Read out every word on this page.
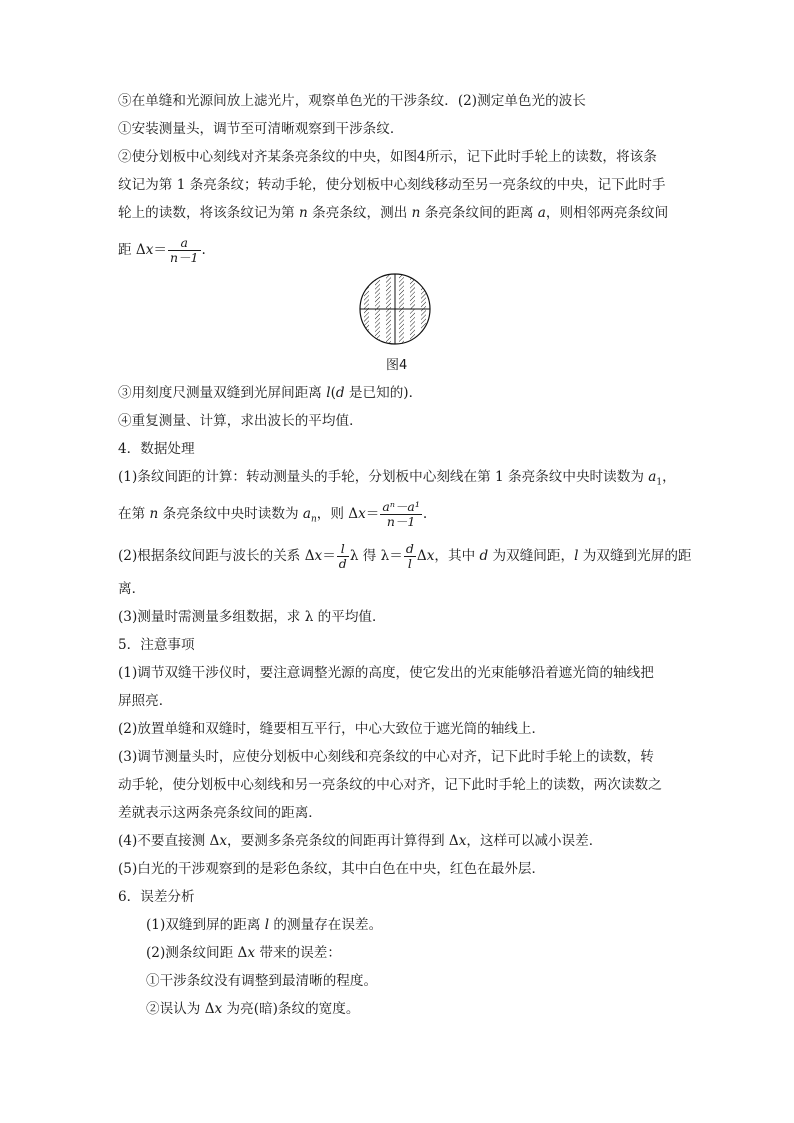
⑤在单缝和光源间放上滤光片，观察单色光的干涉条纹．(2)测定单色光的波长
①安装测量头，调节至可清晰观察到干涉条纹．
②使分划板中心刻线对齐某条亮条纹的中央，如图4所示，记下此时手轮上的读数，将该条
纹记为第 1 条亮条纹；转动手轮，使分划板中心刻线移动至另一亮条纹的中央，记下此时手
轮上的读数，将该条纹记为第 n 条亮条纹，测出 n 条亮条纹间的距离 a，则相邻两亮条纹间
距 $\Delta x= \frac{a}{n-1}$ .
图4
③用刻度尺测量双缝到光屏间距离 l(d 是已知的)．
④重复测量、计算，求出波长的平均值．
4．数据处理
(1)条纹间距的计算：转动测量头的手轮，分划板中心刻线在第 1 条亮条纹中央时读数为 $a_1$，
在第 n 条亮条纹中央时读数为 $a_n$，则 $\Delta x= \frac{\text{aⁿ－a¹}}{n-1}$ .
(2)根据条纹间距与波长的关系 $\Delta x= \frac{l}{d}$ λ 得 $\lambda= \frac{d}{l}$ Δx，其中 d 为双缝间距，l 为双缝到光屏的距
离．
(3)测量时需测量多组数据，求 λ 的平均值．
5．注意事项
(1)调节双缝干涉仪时，要注意调整光源的高度，使它发出的光束能够沿着遮光筒的轴线把
屏照亮．
(2)放置单缝和双缝时，缝要相互平行，中心大致位于遮光筒的轴线上．
(3)调节测量头时，应使分划板中心刻线和亮条纹的中心对齐，记下此时手轮上的读数，转
动手轮，使分划板中心刻线和另一亮条纹的中心对齐，记下此时手轮上的读数，两次读数之
差就表示这两条亮条纹间的距离．
(4)不要直接测 Δx，要测多条亮条纹的间距再计算得到 Δx，这样可以减小误差．
(5)白光的干涉观察到的是彩色条纹，其中白色在中央，红色在最外层．
6．误差分析
(1)双缝到屏的距离 l 的测量存在误差。
(2)测条纹间距 Δx 带来的误差：
①干涉条纹没有调整到最清晰的程度。
②误认为 Δx 为亮(暗)条纹的宽度。
